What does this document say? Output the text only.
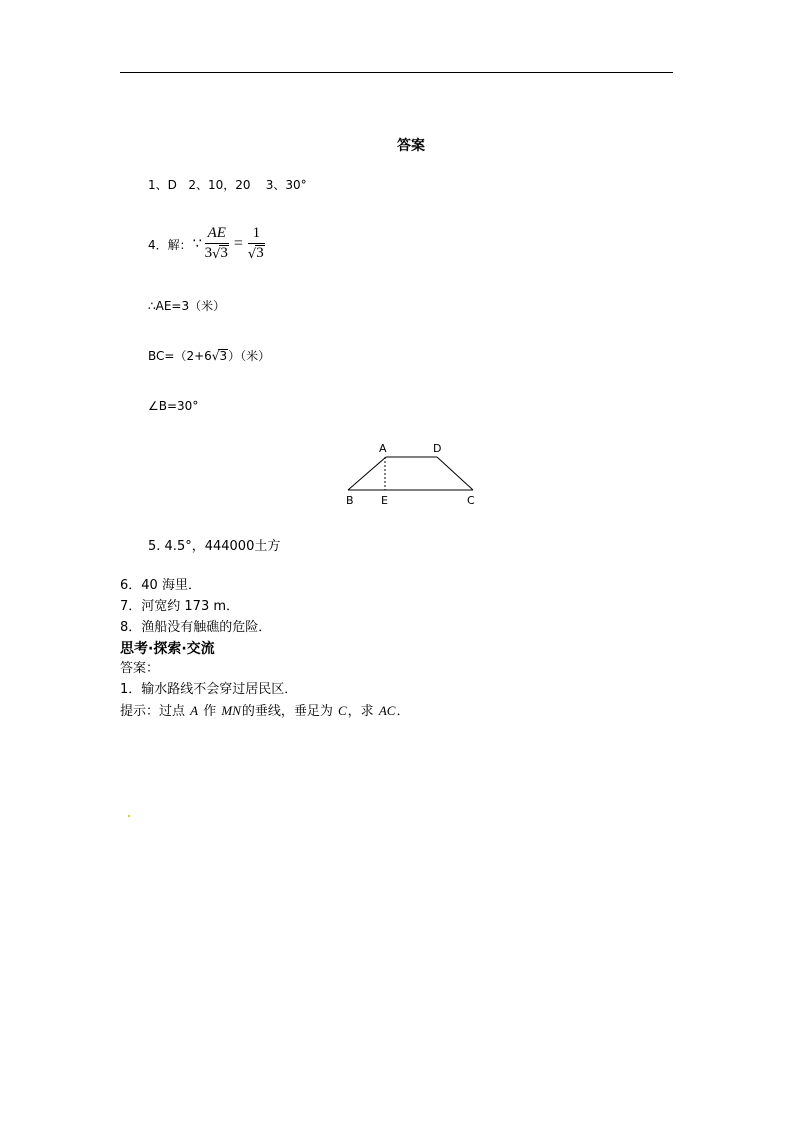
答案
1、D   2、10，20    3、30°
4．解： ∵ $\frac{AE}{3 √ 3} = \frac{1}{√ 3}$
∴AE=3（米）
BC=（2+6 √ 3 ）（米）
∠B=30°
A	D
B E	C
5. 4.5°，444000土方
6．40 海里．
7．河宽约 173 m．
8．渔船没有触礁的危险．
思考·探索·交流
答案：
1．输水路线不会穿过居民区．
提示：过点 A 作 MN的垂线，垂足为 C，求 AC．
